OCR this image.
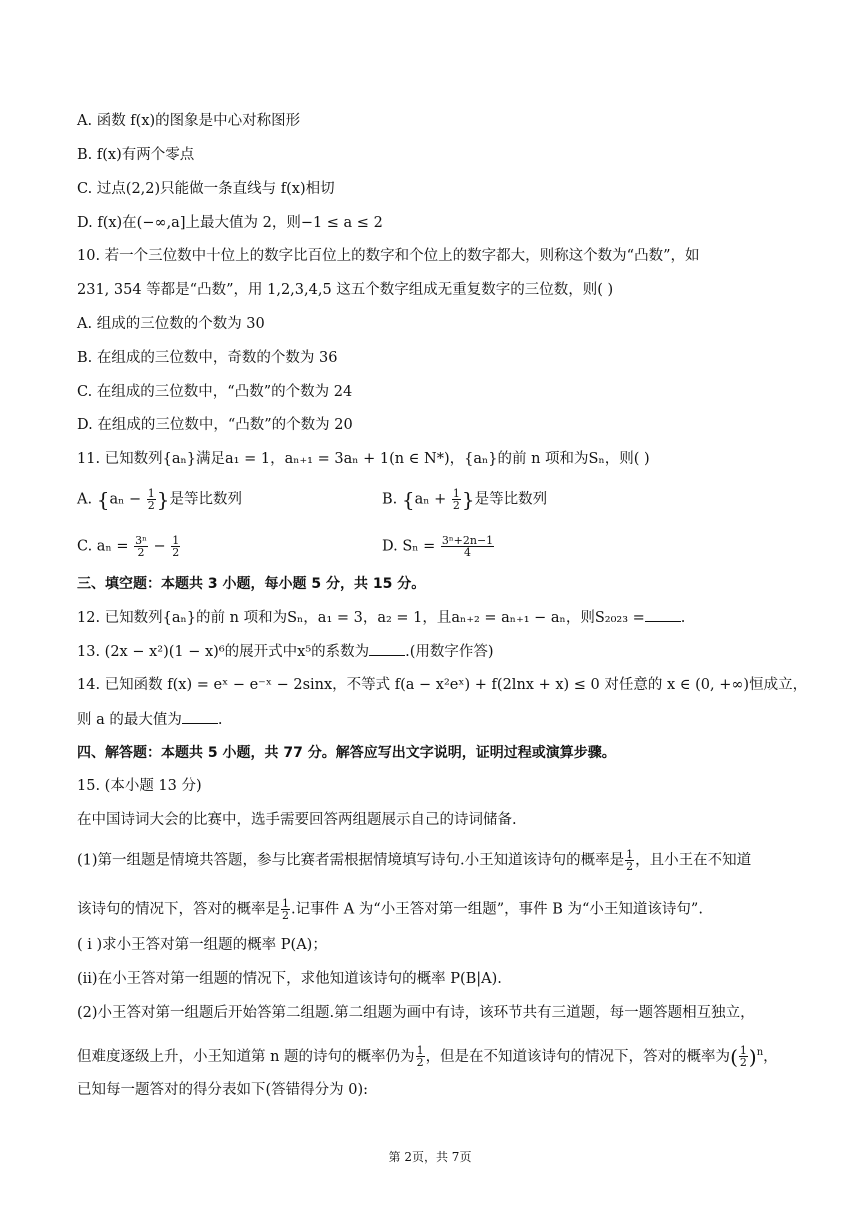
A. 函数 f(x)的图象是中心对称图形
B. f(x)有两个零点
C. 过点(2,2)只能做一条直线与 f(x)相切
D. f(x)在(−∞,a]上最大值为 2，则−1 ≤ a ≤ 2
10. 若一个三位数中十位上的数字比百位上的数字和个位上的数字都大，则称这个数为“凸数”，如
231, 354 等都是“凸数”，用 1,2,3,4,5 这五个数字组成无重复数字的三位数，则( )
A. 组成的三位数的个数为 30
B. 在组成的三位数中，奇数的个数为 36
C. 在组成的三位数中，“凸数”的个数为 24
D. 在组成的三位数中，“凸数”的个数为 20
11. 已知数列{aₙ}满足a₁ = 1，aₙ₊₁ = 3aₙ + 1(n ∈ N*)，{aₙ}的前 n 项和为Sₙ，则( )
A. {$a_n - \frac{1}{2}$ }是等比数列	B. {$a_n + \frac{1}{2}$ }是等比数列
C. $a_n = \frac{\text{3ⁿ}}{2} - \frac{1}{2}$	D. $S_n = \frac{\text{3ⁿ+2n−1}}{4}$
三、填空题：本题共 3 小题，每小题 5 分，共 15 分。
12. 已知数列{aₙ}的前 n 项和为Sₙ，a₁ = 3，a₂ = 1，且aₙ₊₂ = aₙ₊₁ − aₙ，则S₂₀₂₃ = .
13. (2x − x²)(1 − x)⁶的展开式中x⁵的系数为 .(用数字作答)
14. 已知函数 f(x) = eˣ − e⁻ˣ − 2sinx，不等式 f(a − x²eˣ) + f(2lnx + x) ≤ 0 对任意的 x ∈ (0, +∞)恒成立，
则 a 的最大值为 .
四、解答题：本题共 5 小题，共 77 分。解答应写出文字说明，证明过程或演算步骤。
15. (本小题 13 分)
在中国诗词大会的比赛中，选手需要回答两组题展示自己的诗词储备.
(1)第一组题是情境共答题，参与比赛者需根据情境填写诗句.小王知道该诗句的概率是 $\frac{1}{2}$ ，且小王在不知道
该诗句的情况下，答对的概率是 $\frac{1}{2}$ .记事件 A 为“小王答对第一组题”，事件 B 为“小王知道该诗句”.
( i )求小王答对第一组题的概率 P(A)；
(ii)在小王答对第一组题的情况下，求他知道该诗句的概率 P(B|A).
(2)小王答对第一组题后开始答第二组题.第二组题为画中有诗，该环节共有三道题，每一题答题相互独立，
但难度逐级上升，小王知道第 n 题的诗句的概率仍为 $\frac{1}{2}$ ，但是在不知道该诗句的情况下，答对的概率为( $\frac{1}{2} )^n$，
已知每一题答对的得分表如下(答错得分为 0):
第 2页，共 7页
